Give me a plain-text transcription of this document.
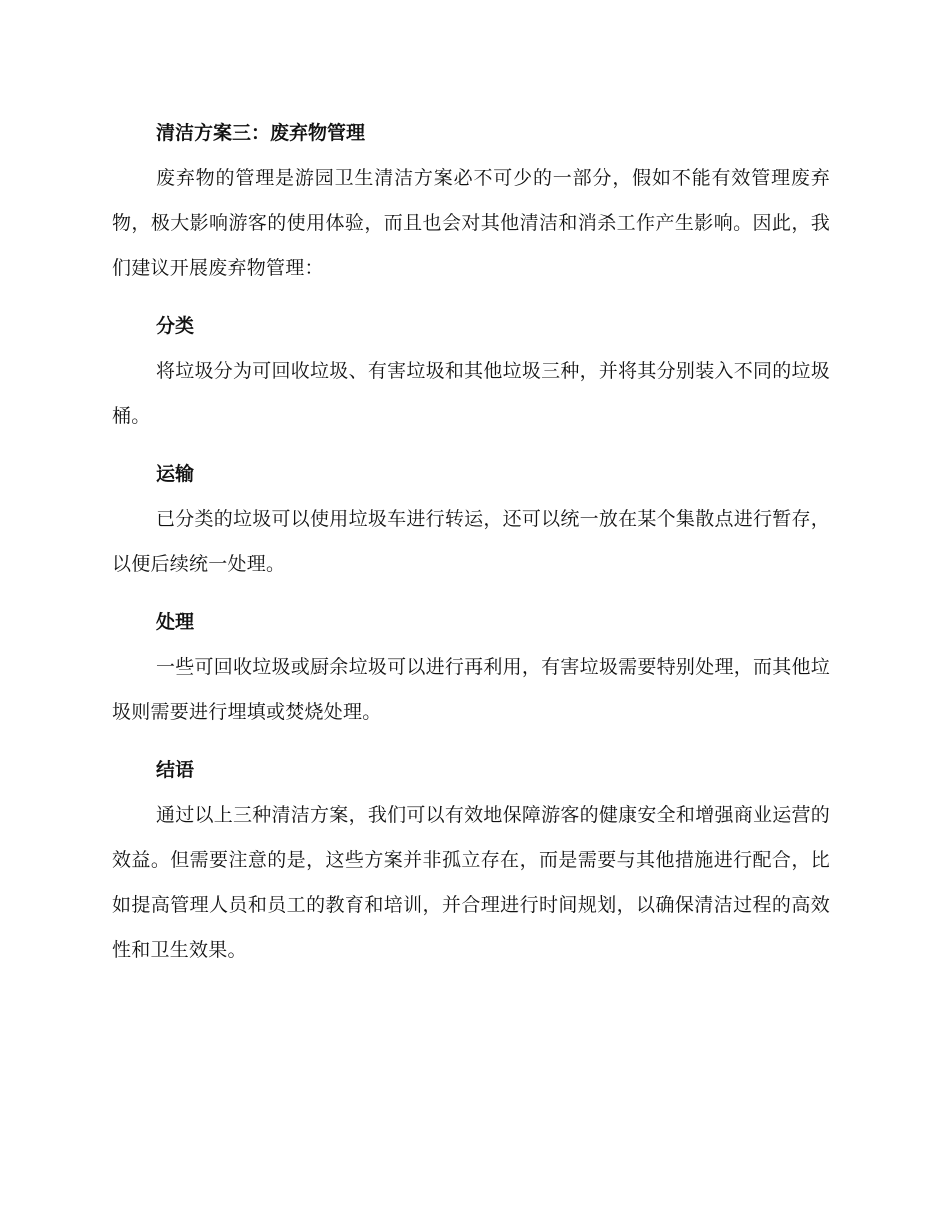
清洁方案三：废弃物管理

废弃物的管理是游园卫生清洁方案必不可少的一部分，假如不能有效管理废弃物，极大影响游客的使用体验，而且也会对其他清洁和消杀工作产生影响。因此，我们建议开展废弃物管理：

分类

将垃圾分为可回收垃圾、有害垃圾和其他垃圾三种，并将其分别装入不同的垃圾桶。

运输

已分类的垃圾可以使用垃圾车进行转运，还可以统一放在某个集散点进行暂存，以便后续统一处理。

处理

一些可回收垃圾或厨余垃圾可以进行再利用，有害垃圾需要特别处理，而其他垃圾则需要进行埋填或焚烧处理。

结语

通过以上三种清洁方案，我们可以有效地保障游客的健康安全和增强商业运营的效益。但需要注意的是，这些方案并非孤立存在，而是需要与其他措施进行配合，比如提高管理人员和员工的教育和培训，并合理进行时间规划，以确保清洁过程的高效性和卫生效果。
